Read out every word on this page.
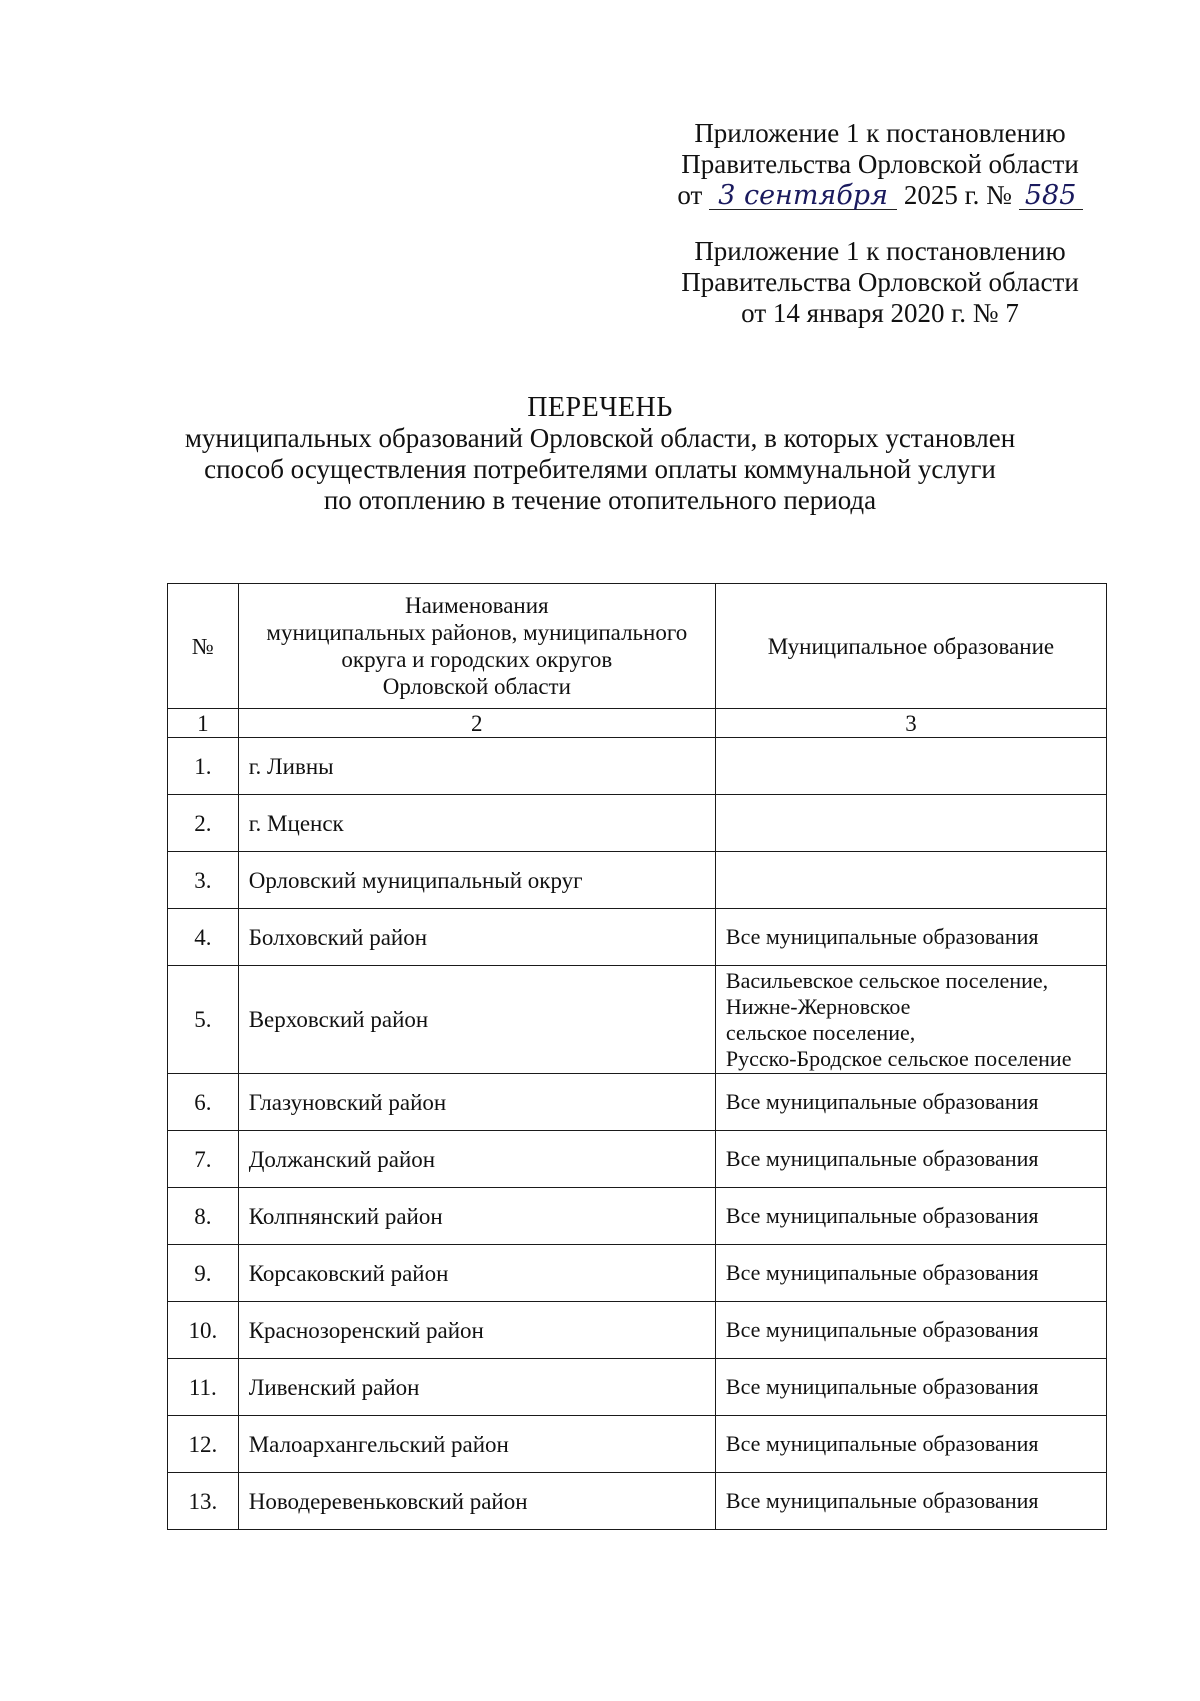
Приложение 1 к постановлению
Правительства Орловской области
от 3 сентября 2025 г. № 585
Приложение 1 к постановлению
Правительства Орловской области
от 14 января 2020 г. № 7
ПЕРЕЧЕНЬ
муниципальных образований Орловской области, в которых установлен
способ осуществления потребителями оплаты коммунальной услуги
по отоплению в течение отопительного периода
№	Наименования
муниципальных районов, муниципального
округа и городских округов
Орловской области	Муниципальное образование
1	2	3
1.	г. Ливны	
2.	г. Мценск	
3.	Орловский муниципальный округ	
4.	Болховский район	Все муниципальные образования

5.	Верховский район	Васильевское сельское поселение,
Нижне-Жерновское
сельское поселение,
Русско-Бродское сельское поселение

6.	Глазуновский район	Все муниципальные образования

7.	Должанский район	Все муниципальные образования

8.	Колпнянский район	Все муниципальные образования

9.	Корсаковский район	Все муниципальные образования

10.	Краснозоренский район	Все муниципальные образования

11.	Ливенский район	Все муниципальные образования

12.	Малоархангельский район	Все муниципальные образования

13.	Новодеревеньковский район	Все муниципальные образования
